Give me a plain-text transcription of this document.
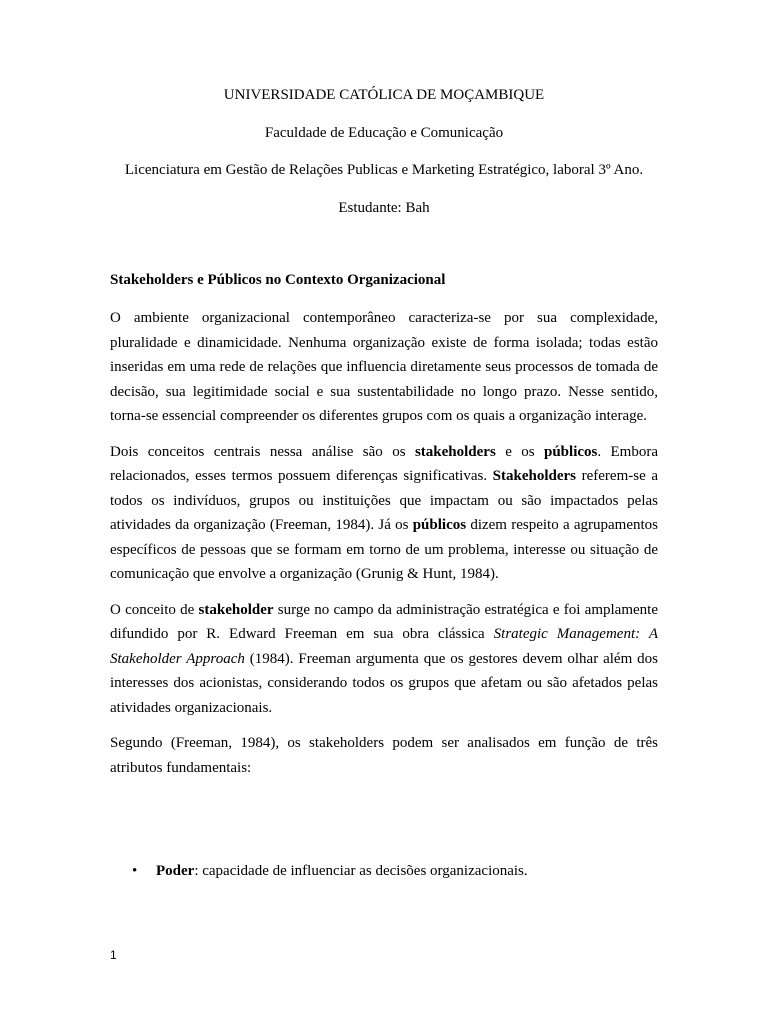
UNIVERSIDADE CATÓLICA DE MOÇAMBIQUE
Faculdade de Educação e Comunicação
Licenciatura em Gestão de Relações Publicas e Marketing Estratégico, laboral 3º Ano.
Estudante: Bah
Stakeholders e Públicos no Contexto Organizacional

O ambiente organizacional contemporâneo caracteriza-se por sua complexidade, pluralidade e dinamicidade. Nenhuma organização existe de forma isolada; todas estão inseridas em uma rede de relações que influencia diretamente seus processos de tomada de decisão, sua legitimidade social e sua sustentabilidade no longo prazo. Nesse sentido, torna-se essencial compreender os diferentes grupos com os quais a organização interage.

Dois conceitos centrais nessa análise são os stakeholders e os públicos. Embora relacionados, esses termos possuem diferenças significativas. Stakeholders referem-se a todos os indivíduos, grupos ou instituições que impactam ou são impactados pelas atividades da organização (Freeman, 1984). Já os públicos dizem respeito a agrupamentos específicos de pessoas que se formam em torno de um problema, interesse ou situação de comunicação que envolve a organização (Grunig & Hunt, 1984).

O conceito de stakeholder surge no campo da administração estratégica e foi amplamente difundido por R. Edward Freeman em sua obra clássica Strategic Management: A Stakeholder Approach (1984). Freeman argumenta que os gestores devem olhar além dos interesses dos acionistas, considerando todos os grupos que afetam ou são afetados pelas atividades organizacionais.

Segundo (Freeman, 1984), os stakeholders podem ser analisados em função de três atributos fundamentais:

• Poder: capacidade de influenciar as decisões organizacionais.
1
